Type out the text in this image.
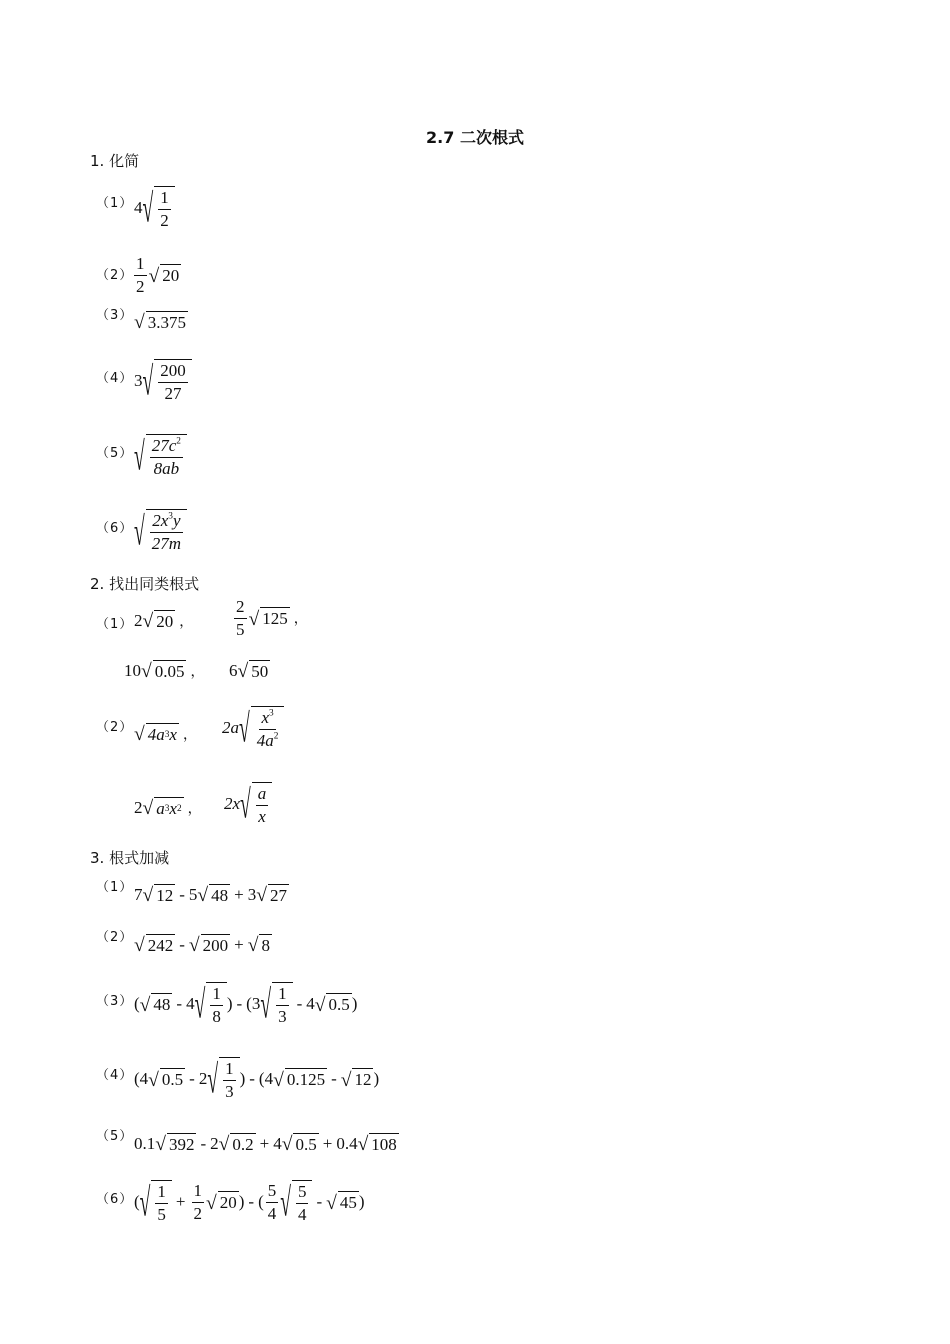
2.7 二次根式
1. 化简
（1） 4 √ 1
2
（2）
1
2 √ 20
（3） √ 3.375
（4） 3 √ 200
27
（5） √ $27c^2$
8ab
（6） √ $2x^3y$
27m
2. 找出同类根式
（1） 2 √ 20 ，
2
5 √ 125 ，
10 √ 0.05 ， 6 √ 50
（2） √ 4a 3 x ， 2a √ $x^3$
$4a^2$
2 √ a 3 x 2 ， 2x √ a
x
3. 根式加减
（1） 7 √ 12 - 5 √ 48 + 3 √ 27
（2） √ 242 - √ 200 + √ 8
（3） ( √ 48 - 4 √ 1
8
) - ( 3 √ 1
3
- 4 √ 0.5 )
（4） ( 4 √ 0.5 - 2 √ 1
3
) - ( 4 √ 0.125 - √ 12 )
（5） 0.1 √ 392 - 2 √ 0.2 + 4 √ 0.5 + 0.4 √ 108
（6） ( √ 1
5
+ $\frac{1}{2}$ √ 20 ) - (
5
4 √ 5
4
- √ 45 )
